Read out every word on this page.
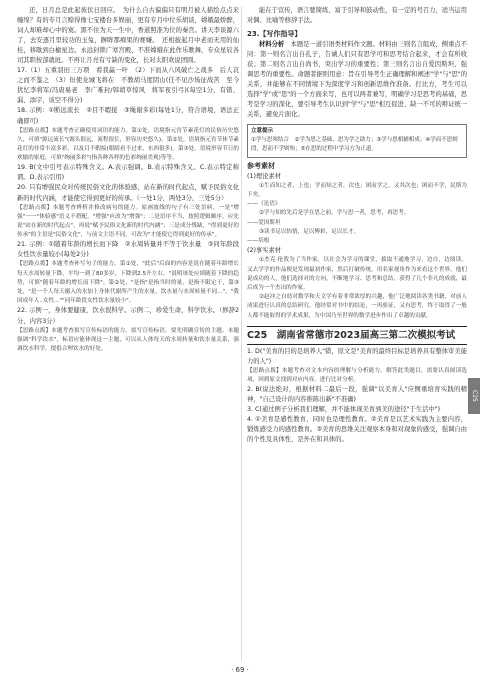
还，日月总是此起彼伏日回应。　为什么自古偏偏只有明月被人描绘点点来缠绵？有的专月言赊得像七宝楼台多娱丽，更有专月中位乐胡谈，嫦娥最娇醉，词人却难却心中的寞。黑不住为天一生中，香道照准为位的秦宫。讲天李谈源六了，去安逐月里较功的玉兔，摒眸那痴果的赛嫌。　还相披起月中老而无用的仙桂，移歇到白榆星边。永远封锁广寒宫殿，不准嫦娥在此作乐歌舞，专众星辰各司其职按部就班。不再让月亮有亏缺的变化，长对太阳欢说团圆。

17.（1）五重羽田三万项　看我赢一叶　（2）下而从八风破亡之战多　后人哀之而不鉴之　（3）但使龙城飞将在　不教胡马度阴山(任不见沙场征战苦　至今犹忆李将军/冯唐易老　李广难封/韩胡草惊风　将军夜引弓)(每空1分，有错、漏、添字，该空不得分)

18. 示例：①断远流长　②目不暇接　③绳谢多彩(每处1分，符合语境，语法正确即可)

【思路点拨】本题考查正确使用词语的能力。第①处，语境指元宵节素花灯的民俗历史悠久，可填"源远流长"(源头很远，流程很长，形容历史悠久)。第②处，语境指元宵节体节素花灯的非常丰富多彩，以及目不暇接(眼睛看不过来，东西很多)。第③处，语境形容节日的欢愉的家庭，可填"绚丽多彩"(指各种各样的色彩绚丽美观)等等。

19. B(文中引号表示特殊含义。A.表示强调。B.表示特殊含义。C.表示特定称谓。D.表示引用)

20. 只有增强民众对传统民俗文化的体验感，站在新的时代起点，赋予民俗文化新的时代内涵，才能使它得到更好的传承。（一处1分，两处3分，三处5分）

【思路点拨】本题考查辨析并修改病句的能力。原画波线的句子有三处语病。一是"增强"一一"体验感"语义不搭配，"增强"应改为"增强"；二是语序不当，按照逻辑顺序，应先说"站在新的时代起点"，再说"赋予民俗文化新的时代内涵"；三是成分残缺，"得到更好的传承"的主语是"民俗文化"，与前文主语不同，可改为"才能使它得到更好的传承"。

21. 示例：①随着年龄的增长而下降　②水周转量并不等于饮水量　③同年龄段女性饮水量较小(每处2分)

【思路点拨】本题考查补写句子的能力。第①处，"此后"后面的内容是说在随着年龄增长每天水周转量下降，平均一到了80多岁，下降到2.5升左右，"说明该处应填随着下降的趋势，可填"随着年龄的增长而下降"。第②处，"是指"是指当时的量，是指不限定于，第③处，"是一个人每天摄入的水加上身体代谢所产生的水量，饮水量与水周转量不同..."，"我国成年人..女性...""同年龄段女性饮水量较小"。

22. 示例一，身体要健康，饮水很科学。示例二，珍爱生命，科学饮水。（修辞2分，内容3分）

【思路点拨】本题考查拟写宣传标语的能力。拟写宣传标语，要先明确宣传的主题。本题强调"科学饮水"，标语应能体现这一主题，可以从人体每天的水周转量和饮水量关系，强调饮水科学，提倡合理饮水的好处。

能在于宣传，语言要简练，富于引导和鼓动性，有一定的号召力，适当运用对偶、比喻等修辞手法。

23.【写作指导】

材料分析　 本题是一道引语类材料作文题。材料由三则名言组成，侧重点不同：第一则名言出自孔子，告诫人们只有思学可和思考结合起来，才会有所收获；第二则名言出自尚书，突出学习的重要性；第三则名言出自爱因斯坦，强调思考的重要性。命题者据则用意：旨在引导考生正确理解和阐述"学"与"思"的关系，并能够在不同情境下为深度学习和创新思维作准备。打比方，考生可以选择"学"或"思"的一个方面来写，也可以两者兼写，明确学习是思考的基础，思考是学习的深化，要引导考生认识到"学"与"思"相互促进、缺一不可的辩证统一关系，避免片面化。

立意提示
①学与思须结合　②学为思之基础，思为学之助力；③学与思相辅相成；④学而不思则罔，思而不学则殆；⑤在思的过程中学习方为正道。
参考素材

(1)理论素材

①生而知之者，上也；学而知之者，次也；困而学之，又其次也；困而不学，民斯为下矣。

——《论语》

②学与知的先后是学在思之前，学与思一者，思考，再思考。

——爱因斯坦

③读书足以怡情，足以傅彩，足以长才。

——培根

(2)事实素材

①杰克·伦敦为了当作家，以社会为学习的课堂，拔取不通地学习，边自，边阅读。又去学学的作品便是发现最初作家，然后打破传统，用名家视角作为来看这个世界。他们说成功的人，他们选择对的方向，不断地学习、思考和总结，获得了几个非凡的成就，最后成为一个杰出的作家。

②赵冲之自幼对数学和天文学有着非常浓厚的兴趣，他广泛地阅读各类书籍，对前人成果进行认真的总结研究。他经常对书中的结论，一再验证，又有思考，终于取得了一般人都不能取得的学术成果，为中国乃至世界的数学进步作出了卓越的贡献。

C25　湖南省常德市2023届高三第二次模拟考试

1. D("美育的目的是培养人"错，原文是"美育的最终目标是培养具有整体审美能力的人")

【思路点拨】本题考查对文本内容的理解与分析能力。解答此类题目，需要认真阅读选项，回到原文找到对应内容，进行比对分析。

2. B(说法绝对，根据材料二最后一段，强调"以美育人"应侧重培育实践的精神，"自己设计的内容推陈出新"不准确)

3. C(通过例子分析我们理解，并不能体现美育到美的途径"于生活中")

4. ①美育是感性教育，同时也是理性教育。②美育是以艺术实践为主要内容，锻炼感受力的感性教育。③美育的思维关注观察本身和对现象的感受，强调自由的个性及具体性，是外在和具体的。

C25
· 69 ·
